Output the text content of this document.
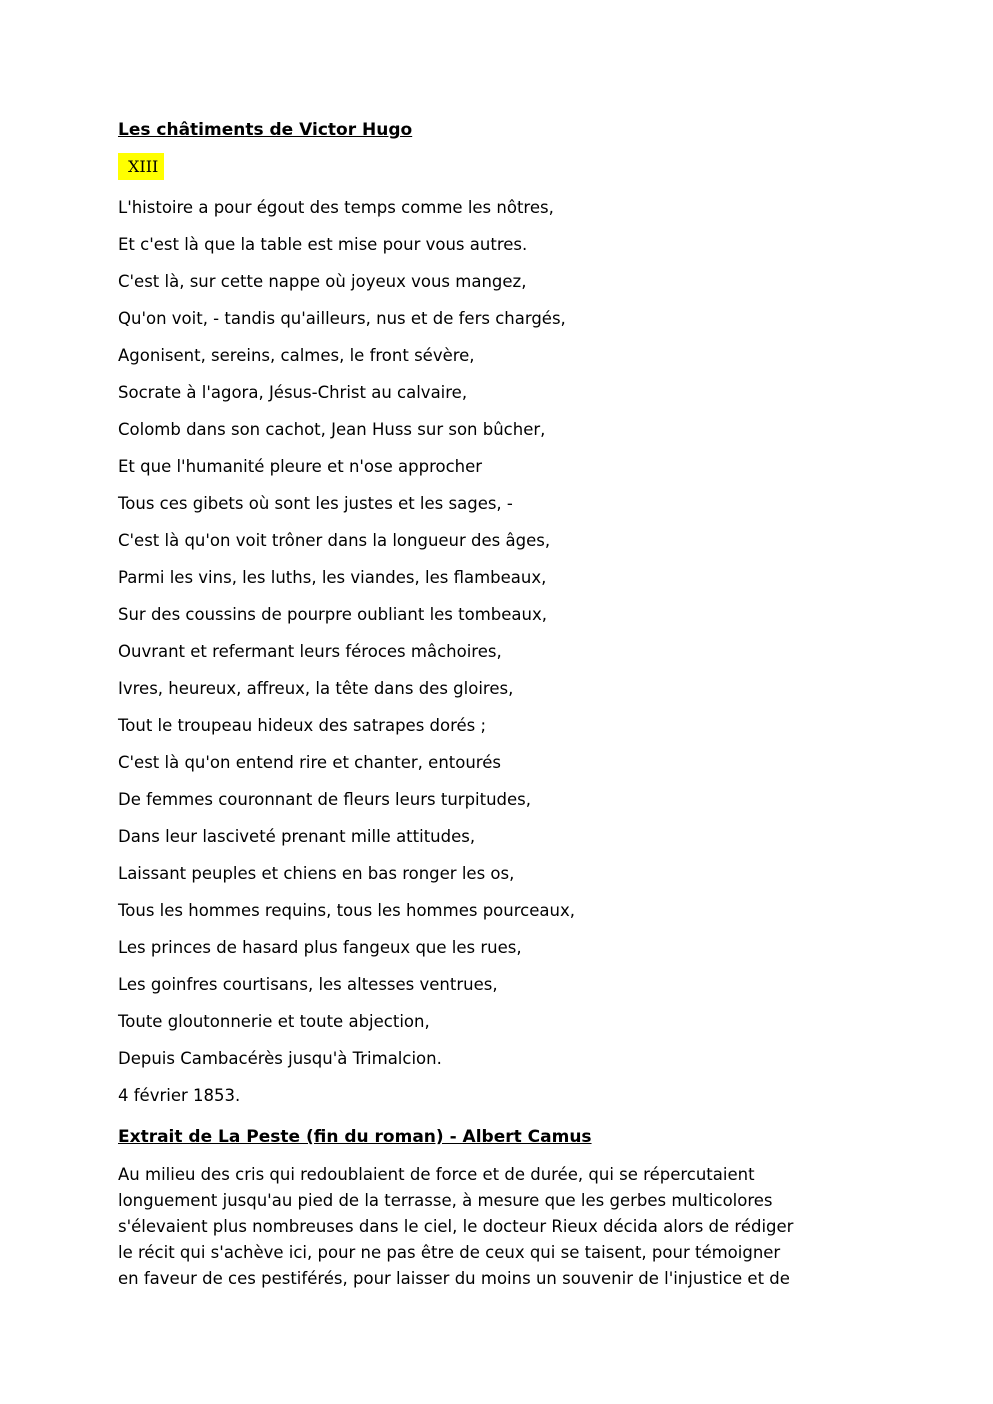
Les châtiments de Victor Hugo
XIII
L'histoire a pour égout des temps comme les nôtres,
Et c'est là que la table est mise pour vous autres.
C'est là, sur cette nappe où joyeux vous mangez,
Qu'on voit, - tandis qu'ailleurs, nus et de fers chargés,
Agonisent, sereins, calmes, le front sévère,
Socrate à l'agora, Jésus-Christ au calvaire,
Colomb dans son cachot, Jean Huss sur son bûcher,
Et que l'humanité pleure et n'ose approcher
Tous ces gibets où sont les justes et les sages, -
C'est là qu'on voit trôner dans la longueur des âges,
Parmi les vins, les luths, les viandes, les flambeaux,
Sur des coussins de pourpre oubliant les tombeaux,
Ouvrant et refermant leurs féroces mâchoires,
Ivres, heureux, affreux, la tête dans des gloires,
Tout le troupeau hideux des satrapes dorés ;
C'est là qu'on entend rire et chanter, entourés
De femmes couronnant de fleurs leurs turpitudes,
Dans leur lasciveté prenant mille attitudes,
Laissant peuples et chiens en bas ronger les os,
Tous les hommes requins, tous les hommes pourceaux,
Les princes de hasard plus fangeux que les rues,
Les goinfres courtisans, les altesses ventrues,
Toute gloutonnerie et toute abjection,
Depuis Cambacérès jusqu'à Trimalcion.
4 février 1853.
Extrait de La Peste (fin du roman) - Albert Camus
Au milieu des cris qui redoublaient de force et de durée, qui se répercutaient
longuement jusqu'au pied de la terrasse, à mesure que les gerbes multicolores
s'élevaient plus nombreuses dans le ciel, le docteur Rieux décida alors de rédiger
le récit qui s'achève ici, pour ne pas être de ceux qui se taisent, pour témoigner
en faveur de ces pestiférés, pour laisser du moins un souvenir de l'injustice et de
